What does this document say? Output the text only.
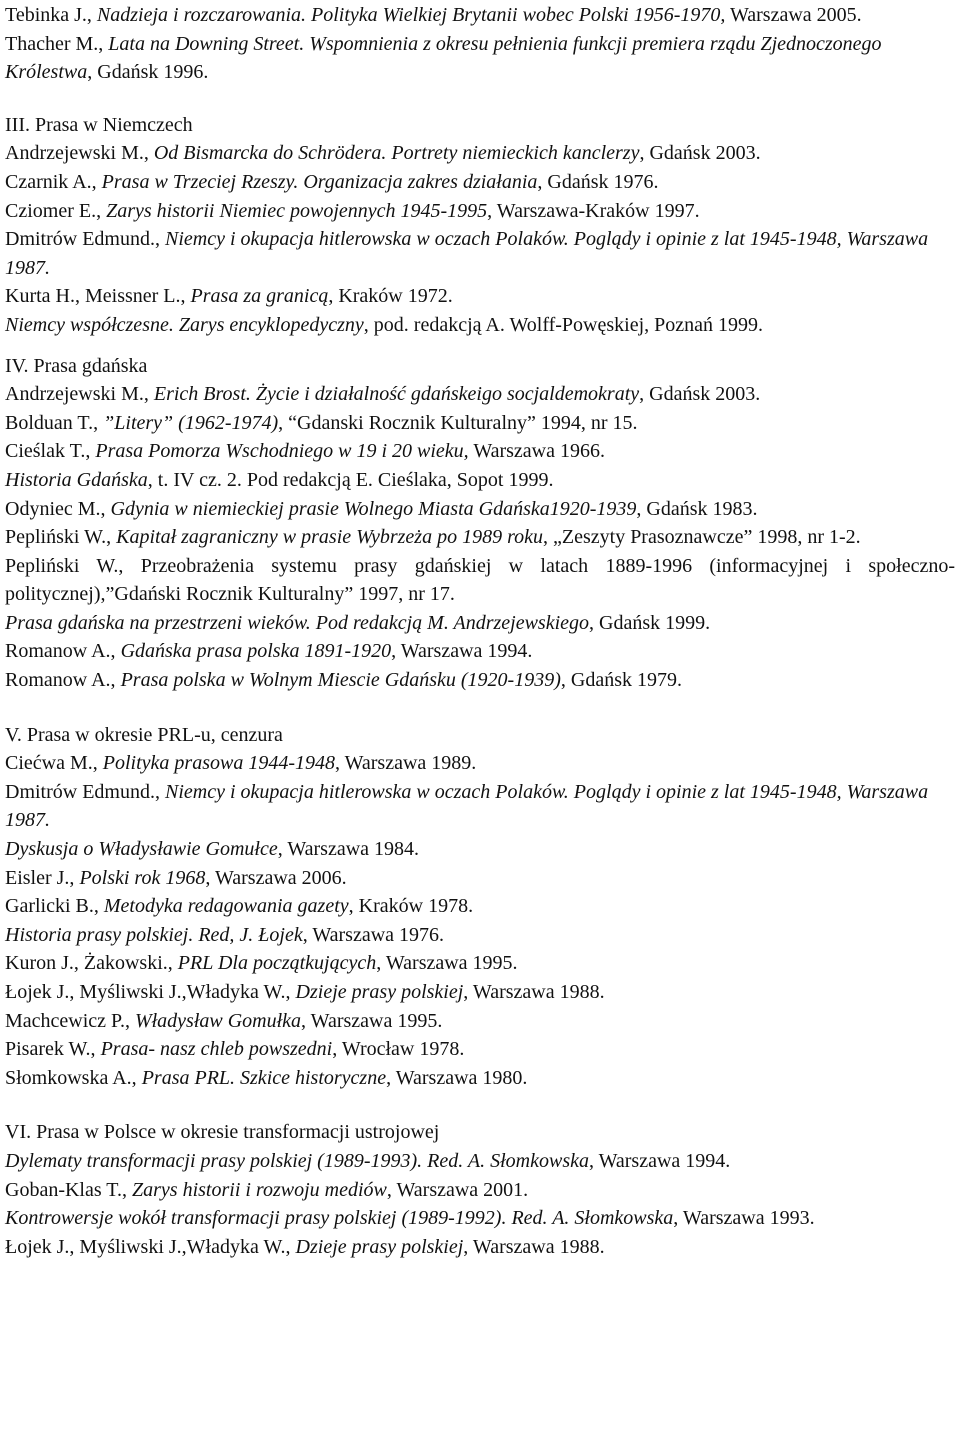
Tebinka J., Nadzieja i rozczarowania. Polityka Wielkiej Brytanii wobec Polski 1956-1970, Warszawa 2005.
Thacher M., Lata na Downing Street. Wspomnienia z okresu pełnienia funkcji premiera rządu Zjednoczonego Królestwa, Gdańsk 1996.
III. Prasa w Niemczech
Andrzejewski M., Od Bismarcka do Schrödera. Portrety niemieckich kanclerzy, Gdańsk 2003.
Czarnik A., Prasa w Trzeciej Rzeszy. Organizacja zakres działania, Gdańsk 1976.
Cziomer E., Zarys historii Niemiec powojennych 1945-1995, Warszawa-Kraków 1997.
Dmitrów Edmund., Niemcy i okupacja hitlerowska w oczach Polaków. Poglądy i opinie z lat 1945-1948, Warszawa 1987.
Kurta H., Meissner L., Prasa za granicą, Kraków 1972.
Niemcy współczesne. Zarys encyklopedyczny, pod. redakcją A. Wolff-Powęskiej, Poznań 1999.
IV. Prasa gdańska
Andrzejewski M., Erich Brost. Życie i działalność gdańskeigo socjaldemokraty, Gdańsk 2003.
Bolduan T., ”Litery” (1962-1974), “Gdanski Rocznik Kulturalny” 1994, nr 15.
Cieślak T., Prasa Pomorza Wschodniego w 19 i 20 wieku, Warszawa 1966.
Historia Gdańska, t. IV cz. 2. Pod redakcją E. Cieślaka, Sopot 1999.
Odyniec M., Gdynia w niemieckiej prasie Wolnego Miasta Gdańska1920-1939, Gdańsk 1983.
Pepliński W., Kapitał zagraniczny w prasie Wybrzeża po 1989 roku, „Zeszyty Prasoznawcze” 1998, nr 1-2.
Pepliński W., Przeobrażenia systemu prasy gdańskiej w latach 1889-1996 (informacyjnej i społeczno-politycznej),”Gdański Rocznik Kulturalny” 1997, nr 17.
Prasa gdańska na przestrzeni wieków. Pod redakcją M. Andrzejewskiego, Gdańsk 1999.
Romanow A., Gdańska prasa polska 1891-1920, Warszawa 1994.
Romanow A., Prasa polska w Wolnym Miescie Gdańsku (1920-1939), Gdańsk 1979.
V. Prasa w okresie PRL-u, cenzura
Ciećwa M., Polityka prasowa 1944-1948, Warszawa 1989.
Dmitrów Edmund., Niemcy i okupacja hitlerowska w oczach Polaków. Poglądy i opinie z lat 1945-1948, Warszawa 1987.
Dyskusja o Władysławie Gomułce, Warszawa 1984.
Eisler J., Polski rok 1968, Warszawa 2006.
Garlicki B., Metodyka redagowania gazety, Kraków 1978.
Historia prasy polskiej. Red, J. Łojek, Warszawa 1976.
Kuron J., Żakowski., PRL Dla początkujących, Warszawa 1995.
Łojek J., Myśliwski J.,Władyka W., Dzieje prasy polskiej, Warszawa 1988.
Machcewicz P., Władysław Gomułka, Warszawa 1995.
Pisarek W., Prasa- nasz chleb powszedni, Wrocław 1978.
Słomkowska A., Prasa PRL. Szkice historyczne, Warszawa 1980.
VI. Prasa w Polsce w okresie transformacji ustrojowej
Dylematy transformacji prasy polskiej (1989-1993). Red. A. Słomkowska, Warszawa 1994.
Goban-Klas T., Zarys historii i rozwoju mediów, Warszawa 2001.
Kontrowersje wokół transformacji prasy polskiej (1989-1992). Red. A. Słomkowska, Warszawa 1993.
Łojek J., Myśliwski J.,Władyka W., Dzieje prasy polskiej, Warszawa 1988.
